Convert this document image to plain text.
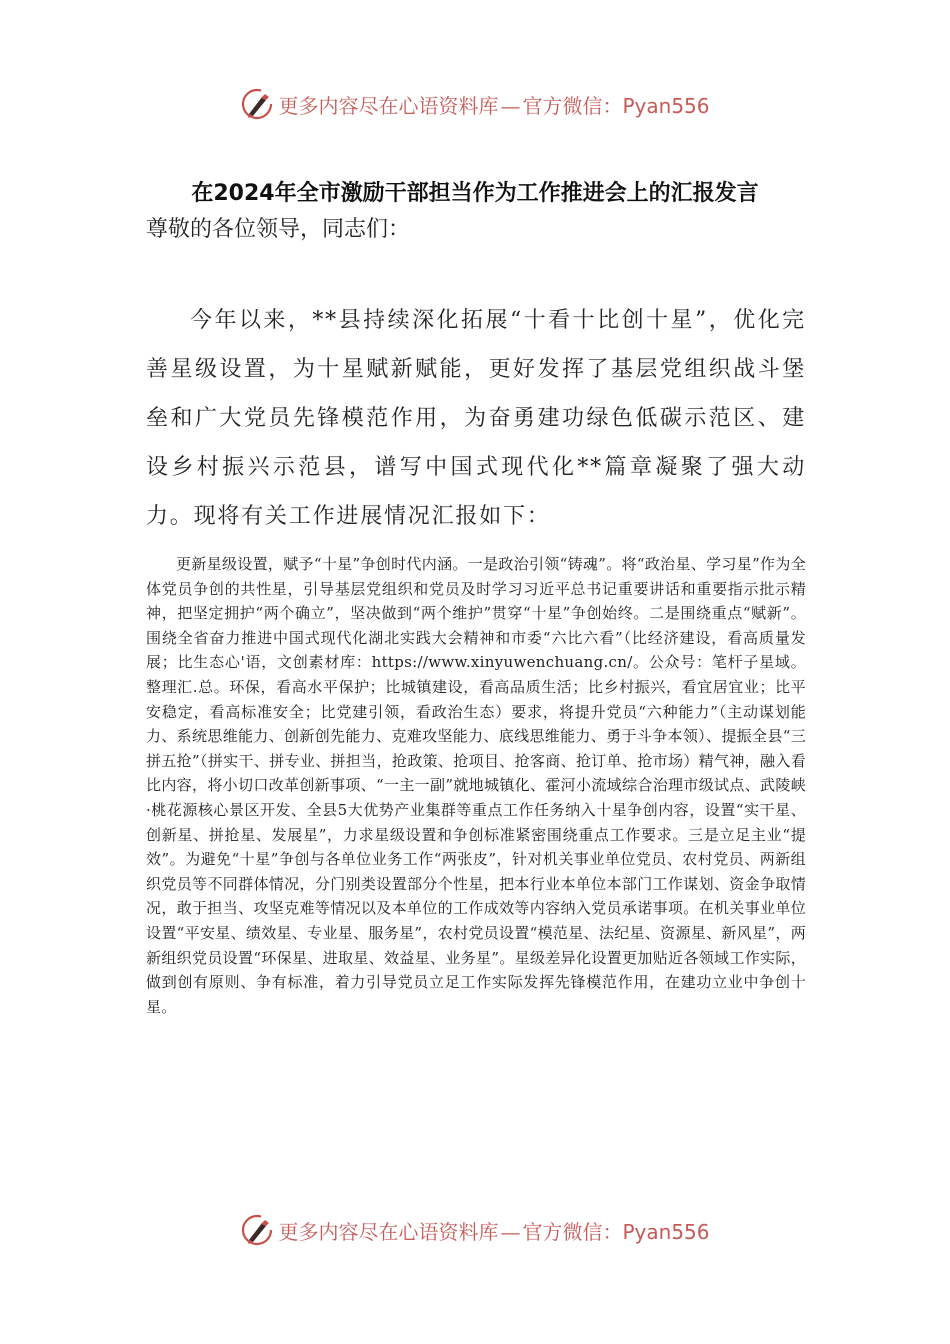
更多内容尽在心语资料库 — 官方微信：Pyan556
在2024年全市激励干部担当作为工作推进会上的汇报发言
尊敬的各位领导，同志们：

今年以来，**县持续深化拓展“十看十比创十星”，优化完善星级设置，为十星赋新赋能，更好发挥了基层党组织战斗堡垒和广大党员先锋模范作用，为奋勇建功绿色低碳示范区、建设乡村振兴示范县，谱写中国式现代化**篇章凝聚了强大动力。现将有关工作进展情况汇报如下：

更新星级设置，赋予“十星”争创时代内涵。一是政治引领“铸魂”。将“政治星、学习星”作为全体党员争创的共性星，引导基层党组织和党员及时学习习近平总书记重要讲话和重要指示批示精神，把坚定拥护“两个确立”，坚决做到“两个维护”贯穿“十星”争创始终。二是围绕重点“赋新”。围绕全省奋力推进中国式现代化湖北实践大会精神和市委“六比六看”（比经济建设，看高质量发展；比生态心'语，文创素材库：https://www.xinyuwenchuang.cn/。公众号：笔杆子星域。整理汇.总。环保，看高水平保护；比城镇建设，看高品质生活；比乡村振兴，看宜居宜业；比平安稳定，看高标准安全；比党建引领，看政治生态）要求，将提升党员“六种能力”（主动谋划能力、系统思维能力、创新创先能力、克难攻坚能力、底线思维能力、勇于斗争本领）、提振全县“三拼五抢”（拼实干、拼专业、拼担当，抢政策、抢项目、抢客商、抢订单、抢市场）精气神，融入看比内容，将小切口改革创新事项、“一主一副”就地城镇化、霍河小流域综合治理市级试点、武陵峡·桃花源核心景区开发、全县5大优势产业集群等重点工作任务纳入十星争创内容，设置“实干星、创新星、拼抢星、发展星”，力求星级设置和争创标准紧密围绕重点工作要求。三是立足主业“提效”。为避免“十星”争创与各单位业务工作“两张皮”，针对机关事业单位党员、农村党员、两新组织党员等不同群体情况，分门别类设置部分个性星，把本行业本单位本部门工作谋划、资金争取情况，敢于担当、攻坚克难等情况以及本单位的工作成效等内容纳入党员承诺事项。在机关事业单位设置“平安星、绩效星、专业星、服务星”，农村党员设置“模范星、法纪星、资源星、新风星”，两新组织党员设置“环保星、进取星、效益星、业务星”。星级差异化设置更加贴近各领域工作实际，做到创有原则、争有标准，着力引导党员立足工作实际发挥先锋模范作用，在建功立业中争创十星。

更多内容尽在心语资料库 — 官方微信：Pyan556
